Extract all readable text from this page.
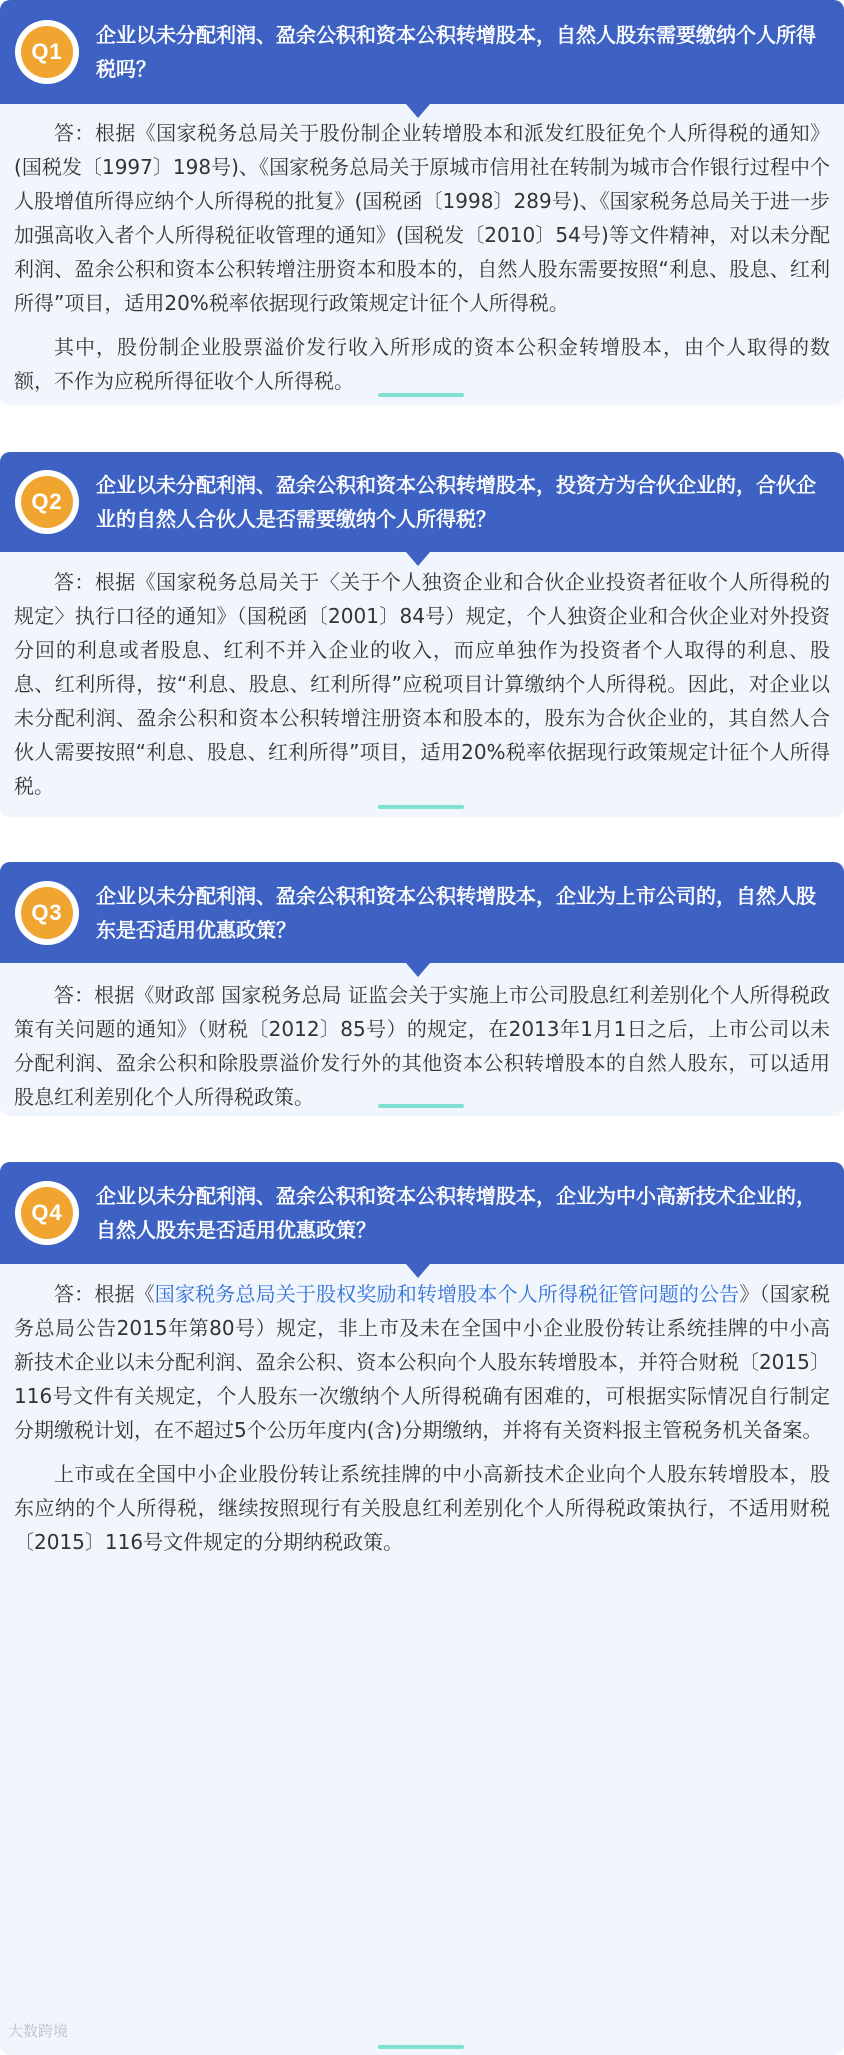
Q1
企业以未分配利润、盈余公积和资本公积转增股本，自然人股东需要缴纳个人所得税吗？

答：根据《国家税务总局关于股份制企业转增股本和派发红股征免个人所得税的通知》(国税发〔1997〕198号)、《国家税务总局关于原城市信用社在转制为城市合作银行过程中个人股增值所得应纳个人所得税的批复》(国税函〔1998〕289号)、《国家税务总局关于进一步加强高收入者个人所得税征收管理的通知》(国税发〔2010〕54号)等文件精神，对以未分配利润、盈余公积和资本公积转增注册资本和股本的，自然人股东需要按照“利息、股息、红利所得”项目，适用20%税率依据现行政策规定计征个人所得税。

其中，股份制企业股票溢价发行收入所形成的资本公积金转增股本，由个人取得的数额，不作为应税所得征收个人所得税。

Q2
企业以未分配利润、盈余公积和资本公积转增股本，投资方为合伙企业的，合伙企业的自然人合伙人是否需要缴纳个人所得税？

答：根据《国家税务总局关于〈关于个人独资企业和合伙企业投资者征收个人所得税的规定〉执行口径的通知》（国税函〔2001〕84号）规定，个人独资企业和合伙企业对外投资分回的利息或者股息、红利不并入企业的收入，而应单独作为投资者个人取得的利息、股息、红利所得，按“利息、股息、红利所得”应税项目计算缴纳个人所得税。因此，对企业以未分配利润、盈余公积和资本公积转增注册资本和股本的，股东为合伙企业的，其自然人合伙人需要按照“利息、股息、红利所得”项目，适用20%税率依据现行政策规定计征个人所得税。

Q3
企业以未分配利润、盈余公积和资本公积转增股本，企业为上市公司的，自然人股东是否适用优惠政策？

答：根据《财政部 国家税务总局 证监会关于实施上市公司股息红利差别化个人所得税政策有关问题的通知》（财税〔2012〕85号）的规定，在2013年1月1日之后，上市公司以未分配利润、盈余公积和除股票溢价发行外的其他资本公积转增股本的自然人股东，可以适用股息红利差别化个人所得税政策。

Q4
企业以未分配利润、盈余公积和资本公积转增股本，企业为中小高新技术企业的，自然人股东是否适用优惠政策？

答：根据《国家税务总局关于股权奖励和转增股本个人所得税征管问题的公告》（国家税务总局公告2015年第80号）规定，非上市及未在全国中小企业股份转让系统挂牌的中小高新技术企业以未分配利润、盈余公积、资本公积向个人股东转增股本，并符合财税〔2015〕116号文件有关规定，个人股东一次缴纳个人所得税确有困难的，可根据实际情况自行制定分期缴税计划，在不超过5个公历年度内(含)分期缴纳，并将有关资料报主管税务机关备案。

上市或在全国中小企业股份转让系统挂牌的中小高新技术企业向个人股东转增股本，股东应纳的个人所得税，继续按照现行有关股息红利差别化个人所得税政策执行，不适用财税〔2015〕116号文件规定的分期纳税政策。

大数跨境
